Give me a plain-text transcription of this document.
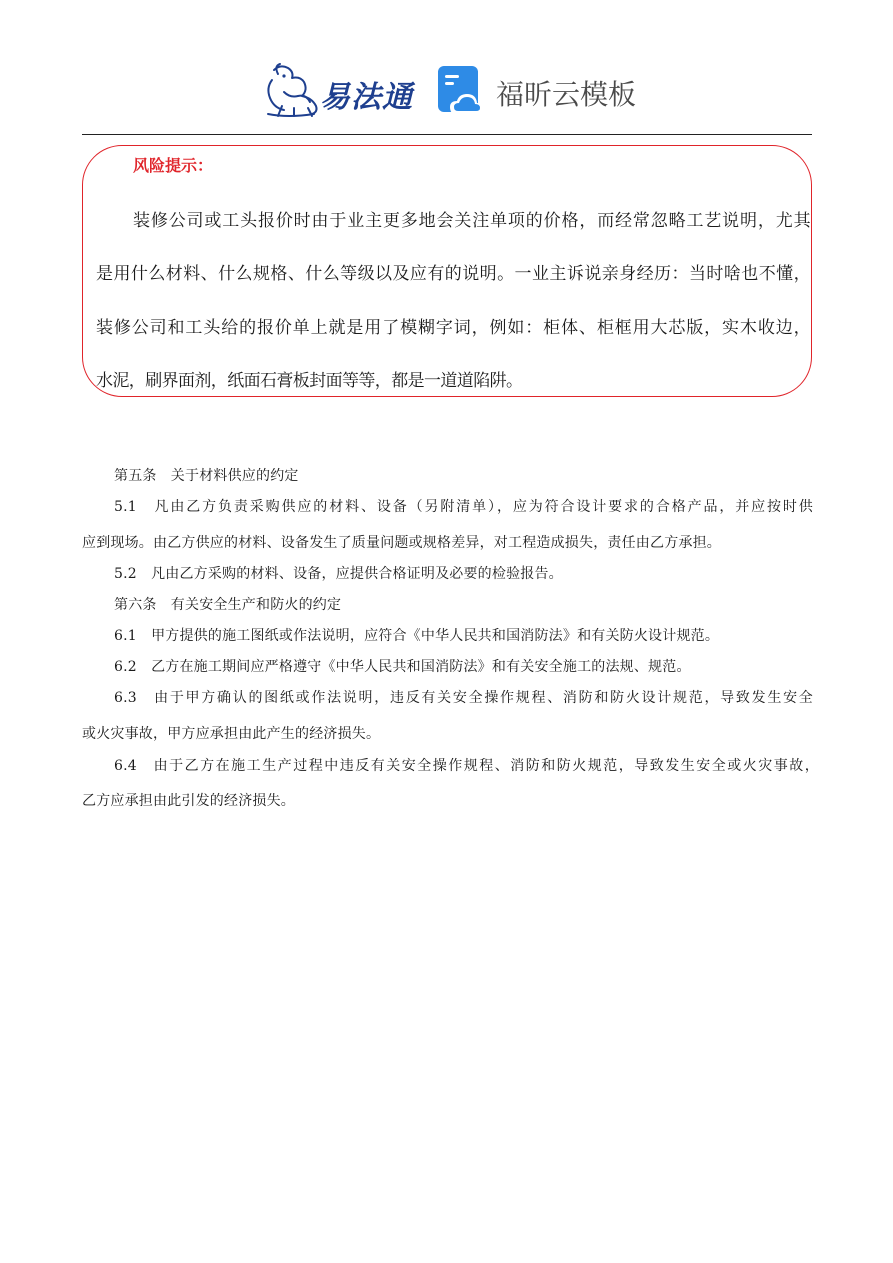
易法通	福昕云模板
风险提示：
装修公司或工头报价时由于业主更多地会关注单项的价格，而经常忽略工艺说明，尤其
是用什么材料、什么规格、什么等级以及应有的说明。一业主诉说亲身经历：当时啥也不懂，
装修公司和工头给的报价单上就是用了模糊字词，例如：柜体、柜框用大芯版，实木收边，
水泥，刷界面剂，纸面石膏板封面等等，都是一道道陷阱。
第五条　关于材料供应的约定
5.1　凡由乙方负责采购供应的材料、设备（另附清单），应为符合设计要求的合格产品，并应按时供
应到现场。由乙方供应的材料、设备发生了质量问题或规格差异，对工程造成损失，责任由乙方承担。
5.2　凡由乙方采购的材料、设备，应提供合格证明及必要的检验报告。
第六条　有关安全生产和防火的约定
6.1　甲方提供的施工图纸或作法说明，应符合《中华人民共和国消防法》和有关防火设计规范。
6.2　乙方在施工期间应严格遵守《中华人民共和国消防法》和有关安全施工的法规、规范。
6.3　由于甲方确认的图纸或作法说明，违反有关安全操作规程、消防和防火设计规范，导致发生安全
或火灾事故，甲方应承担由此产生的经济损失。
6.4　由于乙方在施工生产过程中违反有关安全操作规程、消防和防火规范，导致发生安全或火灾事故，
乙方应承担由此引发的经济损失。
